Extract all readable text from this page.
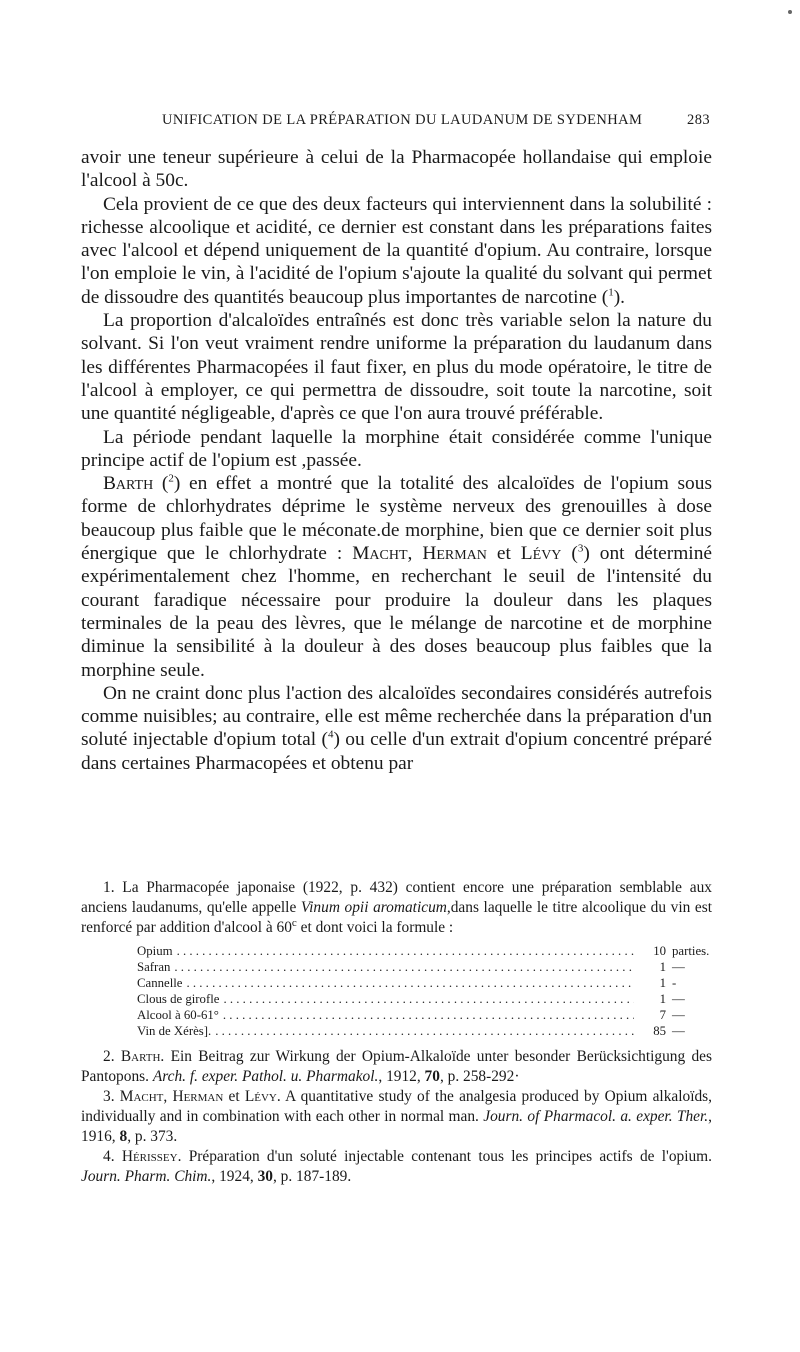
UNIFICATION DE LA PRÉPARATION DU LAUDANUM DE SYDENHAM	283

avoir une teneur supérieure à celui de la Pharmacopée hollandaise qui emploie l'alcool à 50c.

Cela provient de ce que des deux facteurs qui interviennent dans la solubilité : richesse alcoolique et acidité, ce dernier est constant dans les préparations faites avec l'alcool et dépend uniquement de la quantité d'opium. Au contraire, lorsque l'on emploie le vin, à l'acidité de l'opium s'ajoute la qualité du solvant qui permet de dissoudre des quantités beaucoup plus importantes de narcotine ($^1$).

La proportion d'alcaloïdes entraînés est donc très variable selon la nature du solvant. Si l'on veut vraiment rendre uniforme la préparation du laudanum dans les différentes Pharmacopées il faut fixer, en plus du mode opératoire, le titre de l'alcool à employer, ce qui permettra de dissoudre, soit toute la narcotine, soit une quantité négligeable, d'après ce que l'on aura trouvé préférable.

La période pendant laquelle la morphine était considérée comme l'unique principe actif de l'opium est ,passée.

Barth ($^2$) en effet a montré que la totalité des alcaloïdes de l'opium sous forme de chlorhydrates déprime le système nerveux des grenouilles à dose beaucoup plus faible que le méconate.de morphine, bien que ce dernier soit plus énergique que le chlorhydrate : Macht, Herman et Lévy ($^3$) ont déterminé expérimentalement chez l'homme, en recherchant le seuil de l'intensité du courant faradique nécessaire pour produire la douleur dans les plaques terminales de la peau des lèvres, que le mélange de narcotine et de morphine diminue la sensibilité à la douleur à des doses beaucoup plus faibles que la morphine seule.

On ne craint donc plus l'action des alcaloïdes secondaires considérés autrefois comme nuisibles; au contraire, elle est même recherchée dans la préparation d'un soluté injectable d'opium total ($^4$) ou celle d'un extrait d'opium concentré préparé dans certaines Pharmacopées et obtenu par

1. La Pharmacopée japonaise (1922, p. 432) contient encore une préparation semblable aux anciens laudanums, qu'elle appelle Vinum opii aromaticum,dans laquelle le titre alcoolique du vin est renforcé par addition d'alcool à 60$^c$ et dont voici la formule :

Opium . . .	10 parties.
Safran . . .	1 —
Cannelle . . .	1 -
Clous de girofle . . .	1 —
Alcool à 60-61° . . .	7 —
Vin de Xérès]. . . .	85 —

2. Barth. Ein Beitrag zur Wirkung der Opium-Alkaloïde unter besonder Berücksichtigung des Pantopons. Arch. f. exper. Pathol. u. Pharmakol., 1912, 70, p. 258-292·

3. Macht, Herman et Lévy. A quantitative study of the analgesia produced by Opium alkaloïds, individually and in combination with each other in normal man. Journ. of Pharmacol. a. exper. Ther., 1916, 8, p. 373.

4. Hérissey. Préparation d'un soluté injectable contenant tous les principes actifs de l'opium. Journ. Pharm. Chim., 1924, 30, p. 187-189.
